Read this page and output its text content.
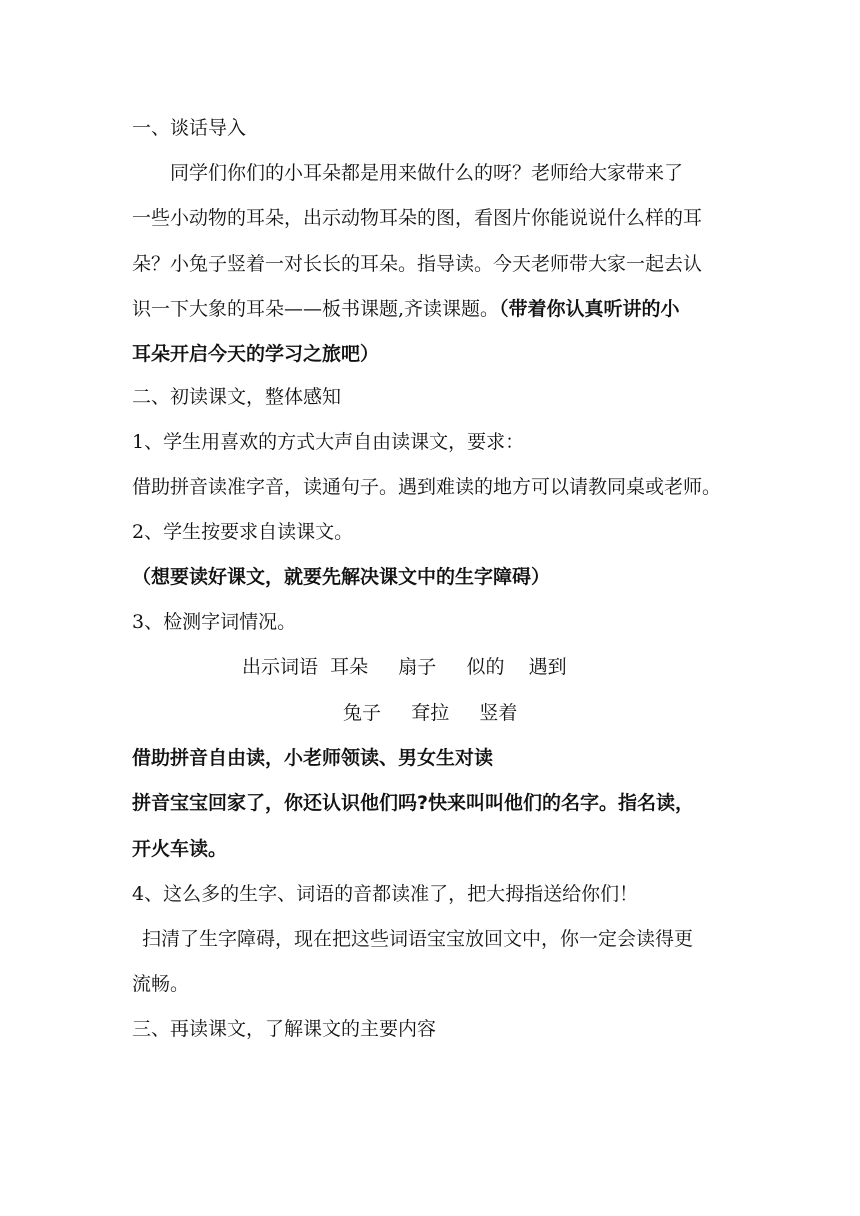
一、谈话导入
同学们你们的小耳朵都是用来做什么的呀？老师给大家带来了
一些小动物的耳朵，出示动物耳朵的图，看图片你能说说什么样的耳
朵？小兔子竖着一对长长的耳朵。指导读。今天老师带大家一起去认
识一下大象的耳朵——板书课题,齐读课题。（带着你认真听讲的小
耳朵开启今天的学习之旅吧）
二、初读课文，整体感知
1、学生用喜欢的方式大声自由读课文，要求：
借助拼音读准字音，读通句子。遇到难读的地方可以请教同桌或老师。
2、学生按要求自读课文。
（想要读好课文，就要先解决课文中的生字障碍）
3、检测字词情况。
出示词语  耳朵     扇子     似的    遇到
兔子     耷拉     竖着
借助拼音自由读，小老师领读、男女生对读
拼音宝宝回家了，你还认识他们吗?快来叫叫他们的名字。指名读，
开火车读。
4、这么多的生字、词语的音都读准了，把大拇指送给你们！
扫清了生字障碍，现在把这些词语宝宝放回文中，你一定会读得更
流畅。
三、再读课文，了解课文的主要内容
